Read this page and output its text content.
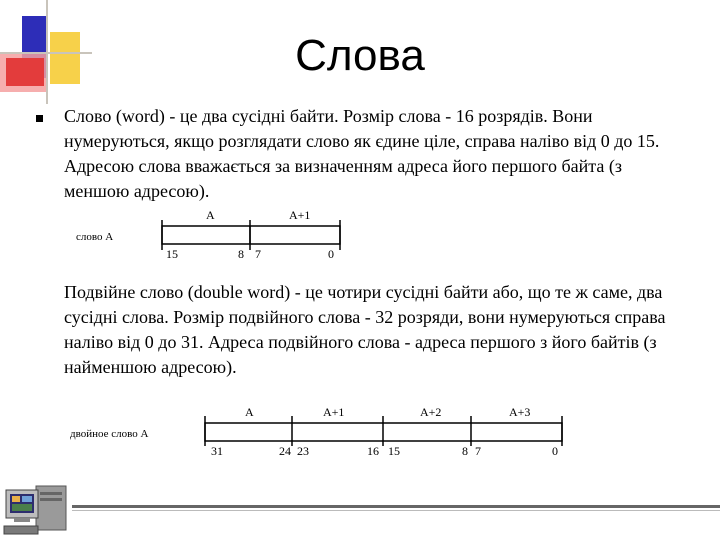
Слова

Слово (word) - це два сусідні байти. Розмір слова - 16 розрядів. Вони нумеруються, якщо розглядати слово як єдине ціле, справа наліво від 0 до 15. Адресою слова вважається за визначенням адреса його першого байта (з меншою адресою).

слово A
A	A+1
15	8 7	0

Подвійне слово (double word) - це чотири сусідні байти або, що те ж саме, два сусідні слова. Розмір подвійного слова - 32 розряди, вони нумеруються справа наліво від 0 до 31. Адреса подвійного слова - адреса першого з його байтів (з найменшою адресою).

двойное слово A
A	A+1	A+2	A+3
31	24 23	16 15	8 7	0
